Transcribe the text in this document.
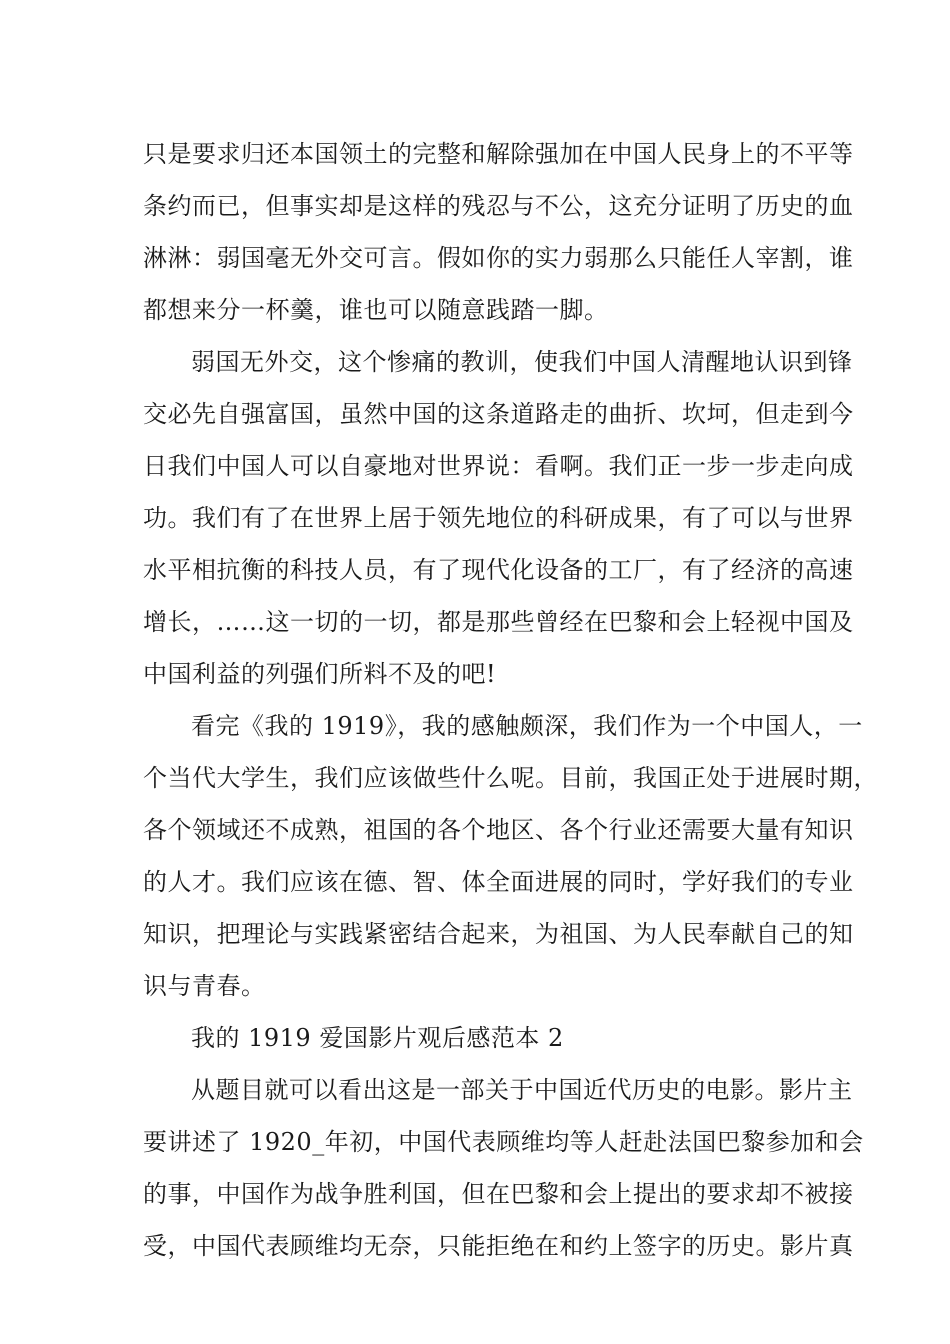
只是要求归还本国领土的完整和解除强加在中国人民身上的不平等
条约而已，但事实却是这样的残忍与不公，这充分证明了历史的血
淋淋：弱国毫无外交可言。假如你的实力弱那么只能任人宰割，谁
都想来分一杯羹，谁也可以随意践踏一脚。
弱国无外交，这个惨痛的教训，使我们中国人清醒地认识到锋
交必先自强富国，虽然中国的这条道路走的曲折、坎坷，但走到今
日我们中国人可以自豪地对世界说：看啊。我们正一步一步走向成
功。我们有了在世界上居于领先地位的科研成果，有了可以与世界
水平相抗衡的科技人员，有了现代化设备的工厂，有了经济的高速
增长，……这一切的一切，都是那些曾经在巴黎和会上轻视中国及
中国利益的列强们所料不及的吧!
看完《我的 1919》，我的感触颇深，我们作为一个中国人，一
个当代大学生，我们应该做些什么呢。目前，我国正处于进展时期，
各个领域还不成熟，祖国的各个地区、各个行业还需要大量有知识
的人才。我们应该在德、智、体全面进展的同时，学好我们的专业
知识，把理论与实践紧密结合起来，为祖国、为人民奉献自己的知
识与青春。
我的 1919 爱国影片观后感范本 2
从题目就可以看出这是一部关于中国近代历史的电影。影片主
要讲述了 1920_年初，中国代表顾维均等人赶赴法国巴黎参加和会
的事，中国作为战争胜利国，但在巴黎和会上提出的要求却不被接
受，中国代表顾维均无奈，只能拒绝在和约上签字的历史。影片真
